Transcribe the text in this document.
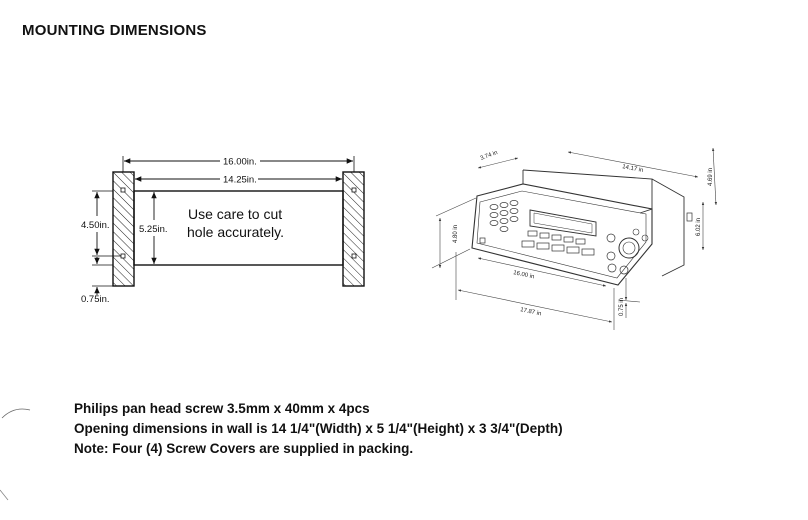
MOUNTING DIMENSIONS
16.00in.
14.25in.
4.50in.	5.25in.
0.75in.
Use care to cut
hole accurately.
3.74 in
14.17 in	4.69 in
6.02 in
4.80 in
16.00 in
17.87 in	0.75 in
Philips pan head screw 3.5mm x 40mm x 4pcs
Opening dimensions in wall is 14 1/4"(Width) x 5 1/4"(Height) x 3 3/4"(Depth)
Note: Four (4) Screw Covers are supplied in packing.
